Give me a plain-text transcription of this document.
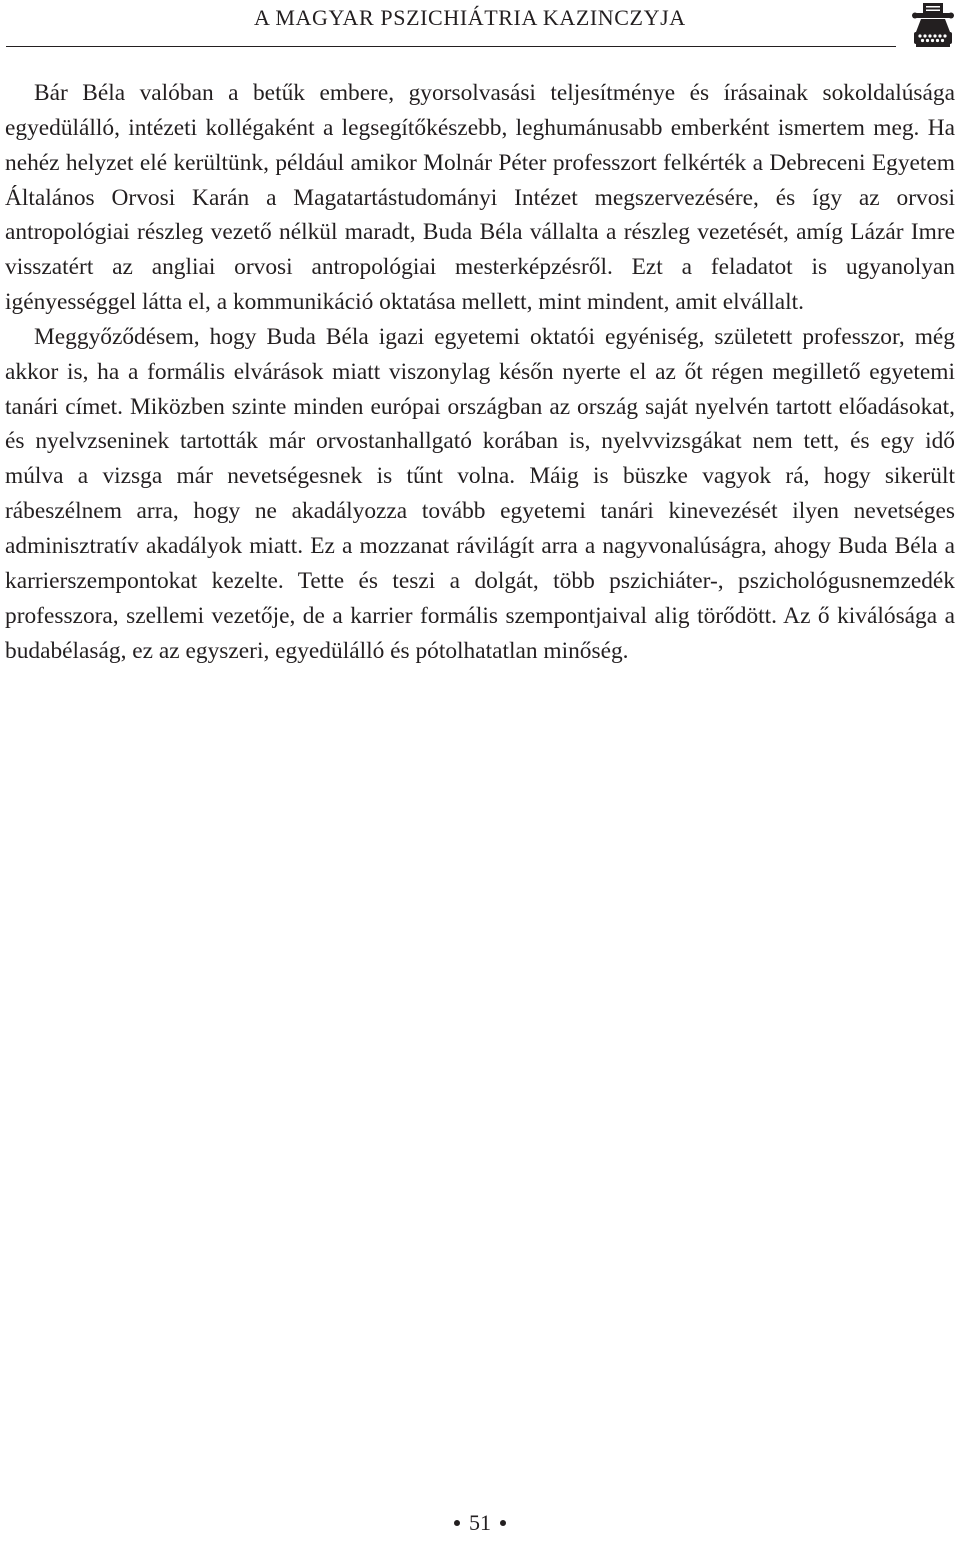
A MAGYAR PSZICHIÁTRIA KAZINCZYJA

Bár Béla valóban a betűk embere, gyorsolvasási teljesítménye és írásainak sokoldalúsága egyedülálló, intézeti kollégaként a legsegítőkészebb, leghumánusabb emberként ismertem meg. Ha nehéz helyzet elé kerültünk, például amikor Molnár Péter professzort felkérték a Debreceni Egyetem Általános Orvosi Karán a Magatartástudományi Intézet megszervezésére, és így az orvosi antropológiai részleg vezető nélkül maradt, Buda Béla vállalta a részleg vezetését, amíg Lázár Imre visszatért az angliai orvosi antropológiai mesterképzésről. Ezt a feladatot is ugyanolyan igényességgel látta el, a kommunikáció oktatása mellett, mint mindent, amit elvállalt.

Meggyőződésem, hogy Buda Béla igazi egyetemi oktatói egyéniség, született professzor, még akkor is, ha a formális elvárások miatt viszonylag későn nyerte el az őt régen megillető egyetemi tanári címet. Miközben szinte minden európai országban az ország saját nyelvén tartott előadásokat, és nyelvzseninek tartották már orvostanhallgató korában is, nyelvvizsgákat nem tett, és egy idő múlva a vizsga már nevetségesnek is tűnt volna. Máig is büszke vagyok rá, hogy sikerült rábeszélnem arra, hogy ne akadályozza tovább egyetemi tanári kinevezését ilyen nevetséges adminisztratív akadályok miatt. Ez a mozzanat rávilágít arra a nagyvonalúságra, ahogy Buda Béla a karrierszempontokat kezelte. Tette és teszi a dolgát, több pszichiáter-, pszichológusnemzedék professzora, szellemi vezetője, de a karrier formális szempontjaival alig törődött. Az ő kiválósága a budabélaság, ez az egyszeri, egyedülálló és pótolhatatlan minőség.

51
